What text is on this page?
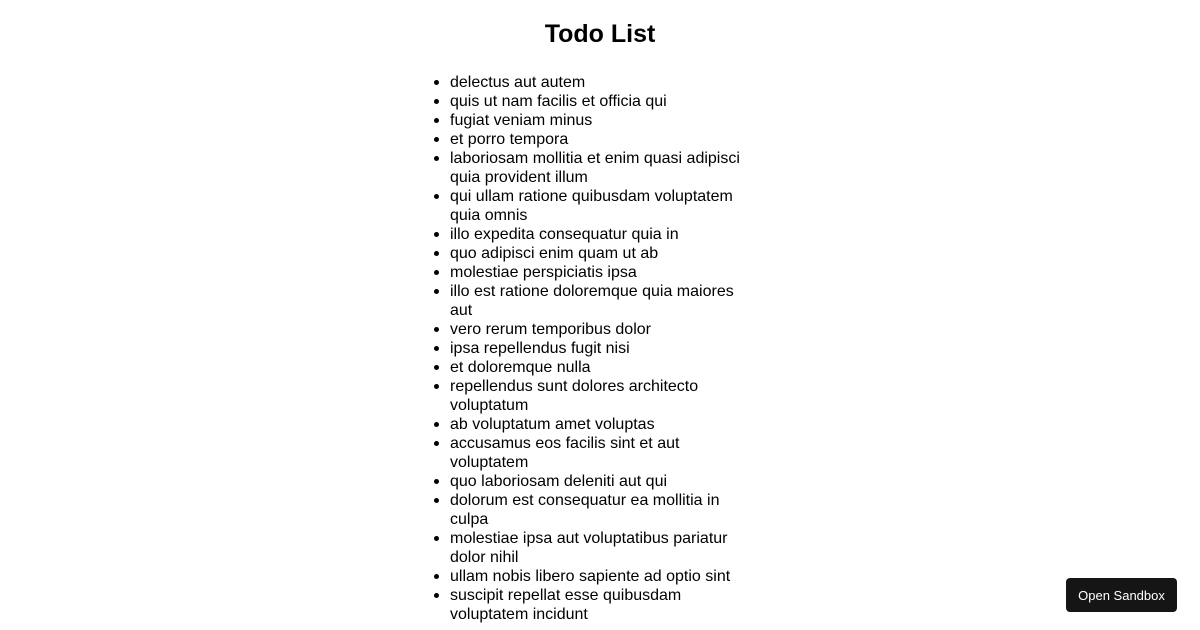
Todo List
delectus aut autem
quis ut nam facilis et officia qui
fugiat veniam minus
et porro tempora
laboriosam mollitia et enim quasi adipisci quia provident illum
qui ullam ratione quibusdam voluptatem quia omnis
illo expedita consequatur quia in
quo adipisci enim quam ut ab
molestiae perspiciatis ipsa
illo est ratione doloremque quia maiores aut
vero rerum temporibus dolor
ipsa repellendus fugit nisi
et doloremque nulla
repellendus sunt dolores architecto voluptatum
ab voluptatum amet voluptas
accusamus eos facilis sint et aut voluptatem
quo laboriosam deleniti aut qui
dolorum est consequatur ea mollitia in culpa
molestiae ipsa aut voluptatibus pariatur dolor nihil
ullam nobis libero sapiente ad optio sint
suscipit repellat esse quibusdam voluptatem incidunt
Open Sandbox
